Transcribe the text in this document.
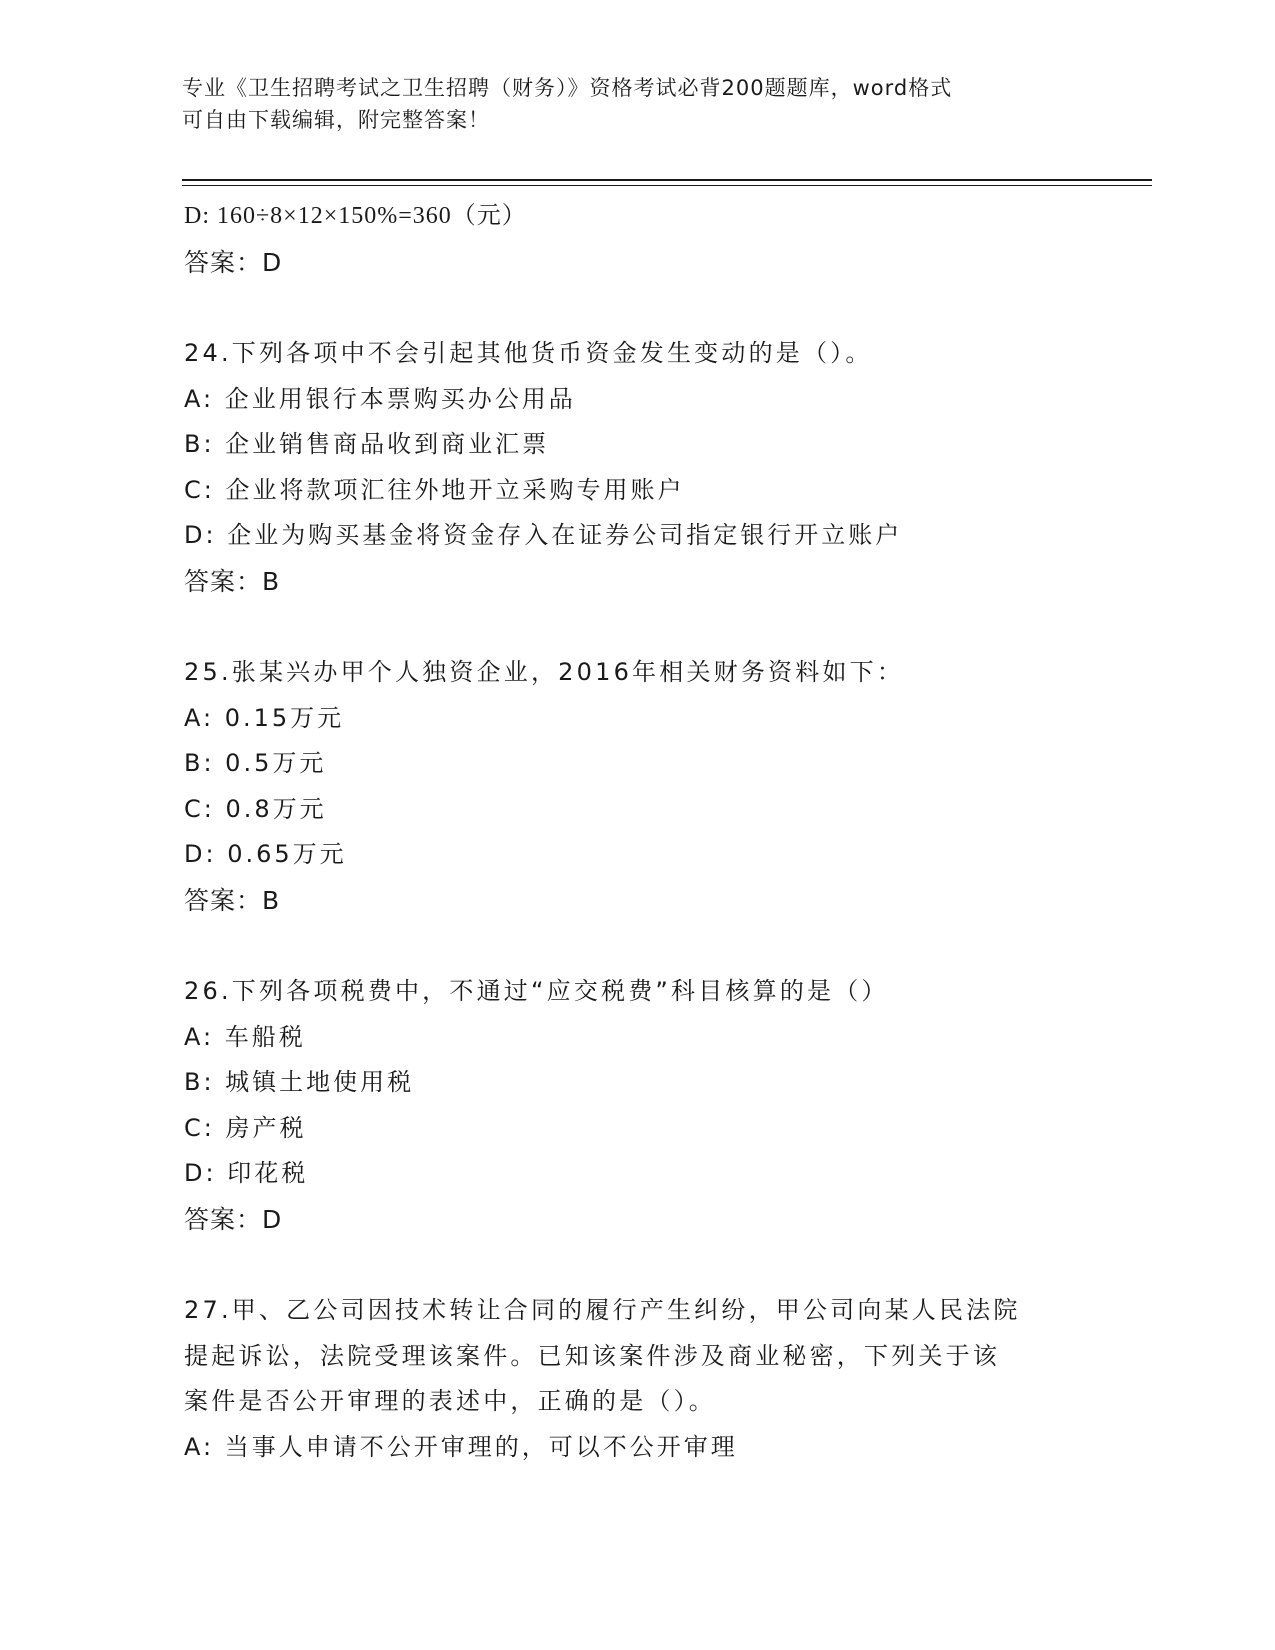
专业《卫生招聘考试之卫生招聘（财务）》资格考试必背200题题库，word格式
可自由下载编辑，附完整答案！
D: 160÷8×12×150%=360（元）
答案：D
24.下列各项中不会引起其他货币资金发生变动的是（）。
A: 企业用银行本票购买办公用品
B: 企业销售商品收到商业汇票
C: 企业将款项汇往外地开立采购专用账户
D: 企业为购买基金将资金存入在证券公司指定银行开立账户
答案：B
25.张某兴办甲个人独资企业，2016年相关财务资料如下：
A: 0.15万元
B: 0.5万元
C: 0.8万元
D: 0.65万元
答案：B
26.下列各项税费中，不通过“应交税费”科目核算的是（）
A: 车船税
B: 城镇土地使用税
C: 房产税
D: 印花税
答案：D
27.甲、乙公司因技术转让合同的履行产生纠纷，甲公司向某人民法院
提起诉讼，法院受理该案件。已知该案件涉及商业秘密，下列关于该
案件是否公开审理的表述中，正确的是（）。
A: 当事人申请不公开审理的，可以不公开审理
